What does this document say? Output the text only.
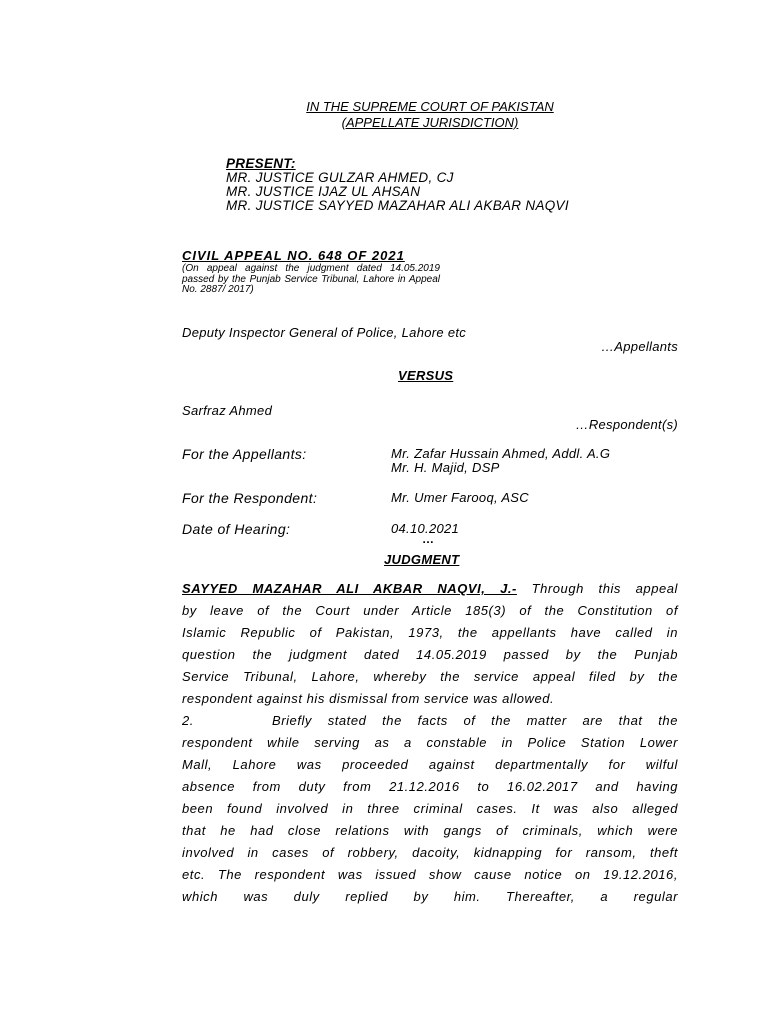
IN THE SUPREME COURT OF PAKISTAN
(APPELLATE JURISDICTION)
PRESENT:
MR. JUSTICE GULZAR AHMED, CJ
MR. JUSTICE IJAZ UL AHSAN
MR. JUSTICE SAYYED MAZAHAR ALI AKBAR NAQVI
CIVIL APPEAL NO. 648 OF 2021
(On appeal against the judgment dated 14.05.2019 passed by the Punjab Service Tribunal, Lahore in Appeal No. 2887/ 2017)
Deputy Inspector General of Police, Lahore etc
…Appellants
VERSUS
Sarfraz Ahmed
…Respondent(s)
For the Appellants:	Mr. Zafar Hussain Ahmed, Addl. A.G
Mr. H. Majid, DSP
For the Respondent:	Mr. Umer Farooq, ASC
Date of Hearing:	04.10.2021
…
JUDGMENT
SAYYED MAZAHAR ALI AKBAR NAQVI, J.- Through this appeal
by leave of the Court under Article 185(3) of the Constitution of
Islamic Republic of Pakistan, 1973, the appellants have called in
question the judgment dated 14.05.2019 passed by the Punjab
Service Tribunal, Lahore, whereby the service appeal filed by the
respondent against his dismissal from service was allowed.
2.	Briefly stated the facts of the matter are that the
respondent while serving as a constable in Police Station Lower
Mall, Lahore was proceeded against departmentally for wilful
absence from duty from 21.12.2016 to 16.02.2017 and having
been found involved in three criminal cases. It was also alleged
that he had close relations with gangs of criminals, which were
involved in cases of robbery, dacoity, kidnapping for ransom, theft
etc. The respondent was issued show cause notice on 19.12.2016,
which was duly replied by him. Thereafter, a regular
